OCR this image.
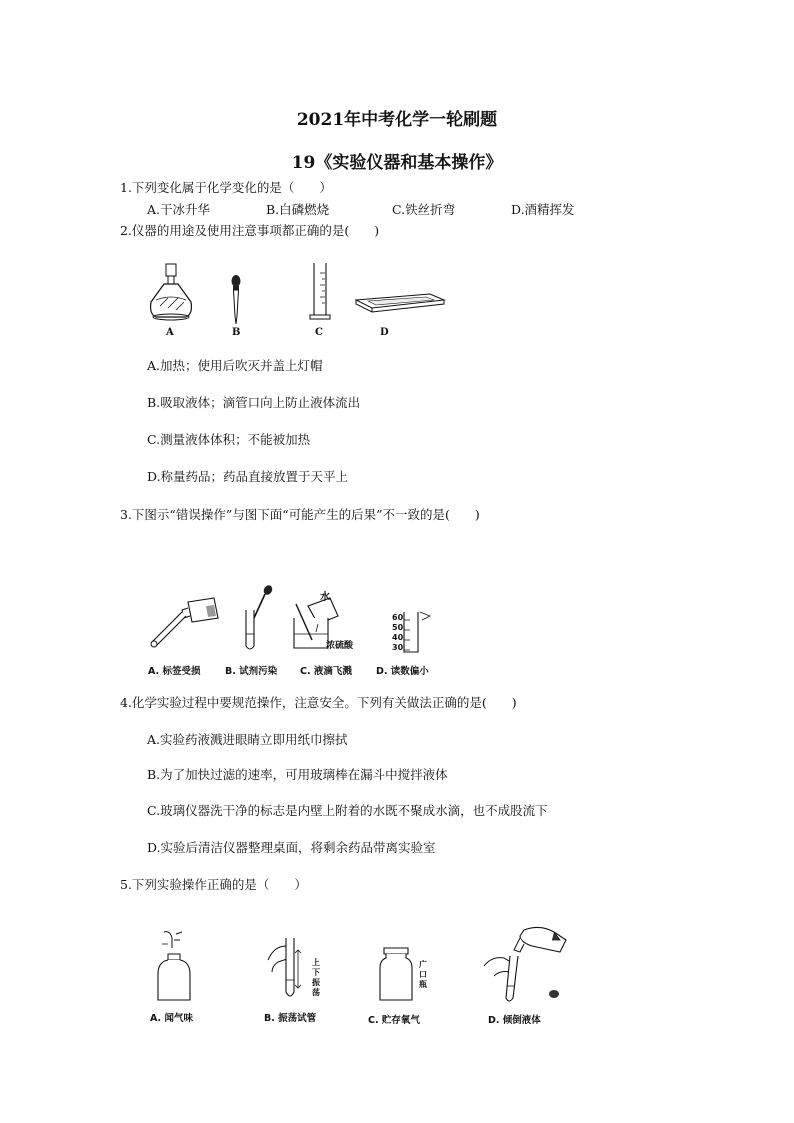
2021年中考化学一轮刷题
19《实验仪器和基本操作》
1.下列变化属于化学变化的是（　　）
A.干冰升华	B.白磷燃烧	C.铁丝折弯	D.酒精挥发
2.仪器的用途及使用注意事项都正确的是(　　)
A	B	C	D
A.加热；使用后吹灭并盖上灯帽
B.吸取液体；滴管口向上防止液体流出
C.测量液体体积；不能被加热
D.称量药品；药品直接放置于天平上
3.下图示“错误操作”与图下面“可能产生的后果”不一致的是(　　)
水
浓硫酸
60
50
40
30
A. 标签受损	B. 试剂污染 C. 液滴飞溅	D. 读数偏小
4.化学实验过程中要规范操作，注意安全。下列有关做法正确的是(　　)
A.实验药液溅进眼睛立即用纸巾擦拭
B.为了加快过滤的速率，可用玻璃棒在漏斗中搅拌液体
C.玻璃仪器洗干净的标志是内壁上附着的水既不聚成水滴，也不成股流下
D.实验后清洁仪器整理桌面，将剩余药品带离实验室
5.下列实验操作正确的是（　　）
上
下
振
荡
广
口
瓶
A. 闻气味	B. 振荡试管	C. 贮存氧气	D. 倾倒液体
